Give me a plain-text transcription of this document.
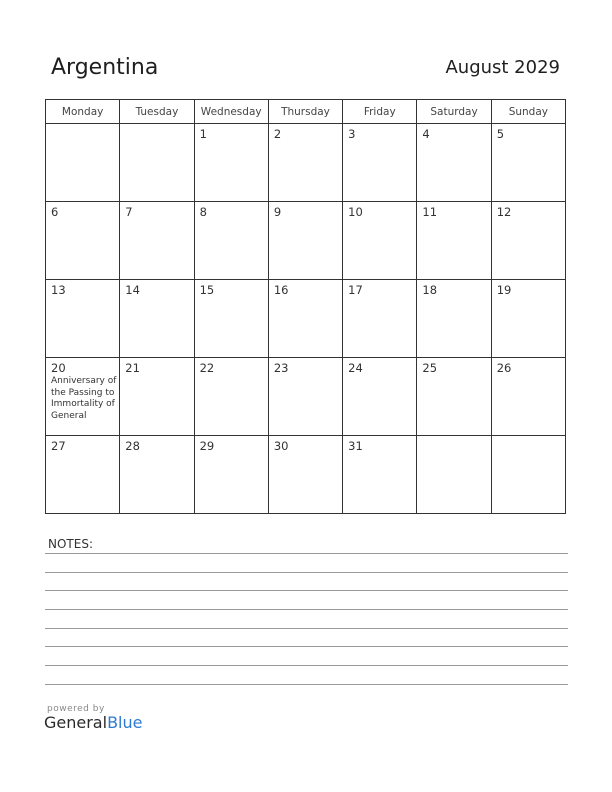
Argentina	August 2029
Monday	Tuesday	Wednesday	Thursday	Friday	Saturday	Sunday

		1	2	3	4	5

6	7	8	9	10	11	12

13	14	15	16	17	18	19

20
Anniversary of the Passing to Immortality of General	21	22	23	24	25	26

27	28	29	30	31		

NOTES:
powered by
GeneralBlue
